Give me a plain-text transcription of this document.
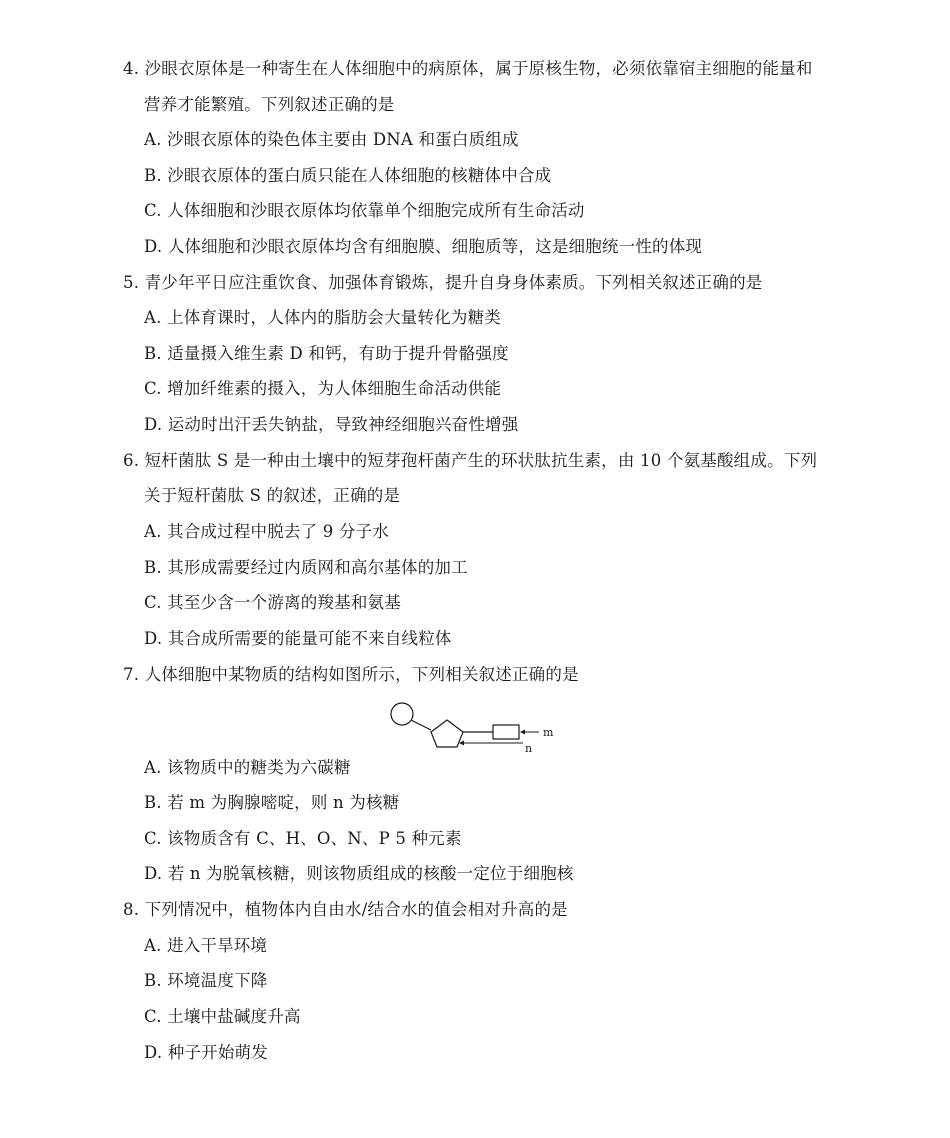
4. 沙眼衣原体是一种寄生在人体细胞中的病原体，属于原核生物，必须依靠宿主细胞的能量和
营养才能繁殖。下列叙述正确的是
A. 沙眼衣原体的染色体主要由 DNA 和蛋白质组成
B. 沙眼衣原体的蛋白质只能在人体细胞的核糖体中合成
C. 人体细胞和沙眼衣原体均依靠单个细胞完成所有生命活动
D. 人体细胞和沙眼衣原体均含有细胞膜、细胞质等，这是细胞统一性的体现
5. 青少年平日应注重饮食、加强体育锻炼，提升自身身体素质。下列相关叙述正确的是
A. 上体育课时，人体内的脂肪会大量转化为糖类
B. 适量摄入维生素 D 和钙，有助于提升骨骼强度
C. 增加纤维素的摄入，为人体细胞生命活动供能
D. 运动时出汗丢失钠盐，导致神经细胞兴奋性增强
6. 短杆菌肽 S 是一种由土壤中的短芽孢杆菌产生的环状肽抗生素，由 10 个氨基酸组成。下列
关于短杆菌肽 S 的叙述，正确的是
A. 其合成过程中脱去了 9 分子水
B. 其形成需要经过内质网和高尔基体的加工
C. 其至少含一个游离的羧基和氨基
D. 其合成所需要的能量可能不来自线粒体
7. 人体细胞中某物质的结构如图所示，下列相关叙述正确的是
m
n
A. 该物质中的糖类为六碳糖
B. 若 m 为胸腺嘧啶，则 n 为核糖
C. 该物质含有 C、H、O、N、P 5 种元素
D. 若 n 为脱氧核糖，则该物质组成的核酸一定位于细胞核
8. 下列情况中，植物体内自由水/结合水的值会相对升高的是
A. 进入干旱环境
B. 环境温度下降
C. 土壤中盐碱度升高
D. 种子开始萌发
